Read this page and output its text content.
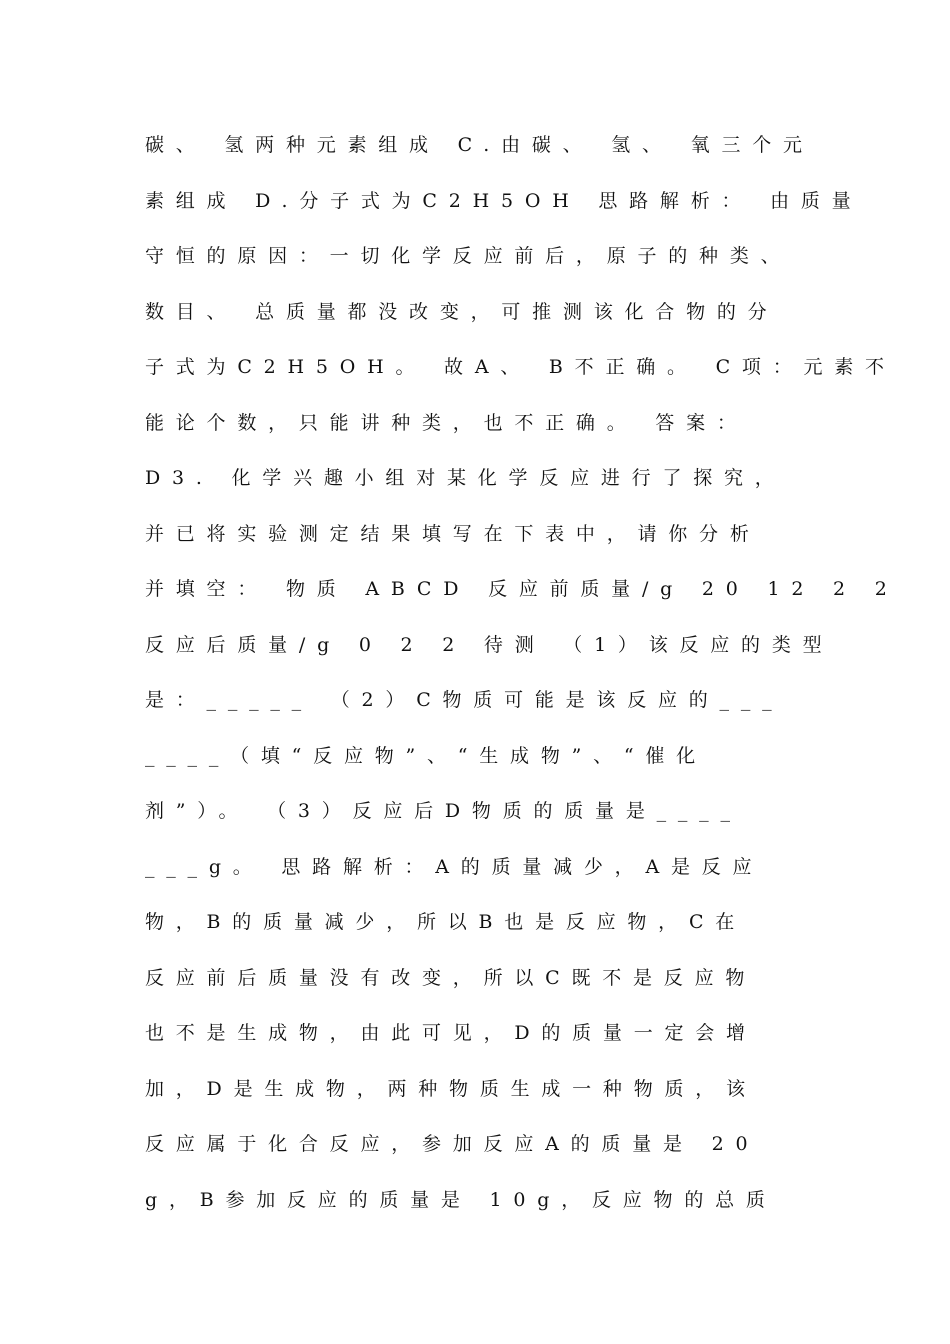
碳、 氢两种元素组成 C.由碳、 氢、 氧三个元
素组成 D.分子式为C2H5OH 思路解析： 由质量
守恒的原因：一切化学反应前后，原子的种类、
数目、 总质量都没改变，可推测该化合物的分
子式为C2H5OH。 故A、 B不正确。 C项：元素不
能论个数，只能讲种类，也不正确。 答案：
D3. 化学兴趣小组对某化学反应进行了探究，
并已将实验测定结果填写在下表中，请你分析
并填空： 物质 ABCD 反应前质量/g 20 12 2 2
反应后质量/g 0 2 2 待测 （1）该反应的类型
是：_____ （2）C物质可能是该反应的___
____（填“反应物”、“生成物”、“催化
剂”）。 （3）反应后D物质的质量是____
___g。 思路解析：A的质量减少，A是反应
物，B的质量减少，所以B也是反应物，C在
反应前后质量没有改变，所以C既不是反应物
也不是生成物，由此可见，D的质量一定会增
加，D是生成物，两种物质生成一种物质，该
反应属于化合反应，参加反应A的质量是 20
g，B参加反应的质量是 10g，反应物的总质
